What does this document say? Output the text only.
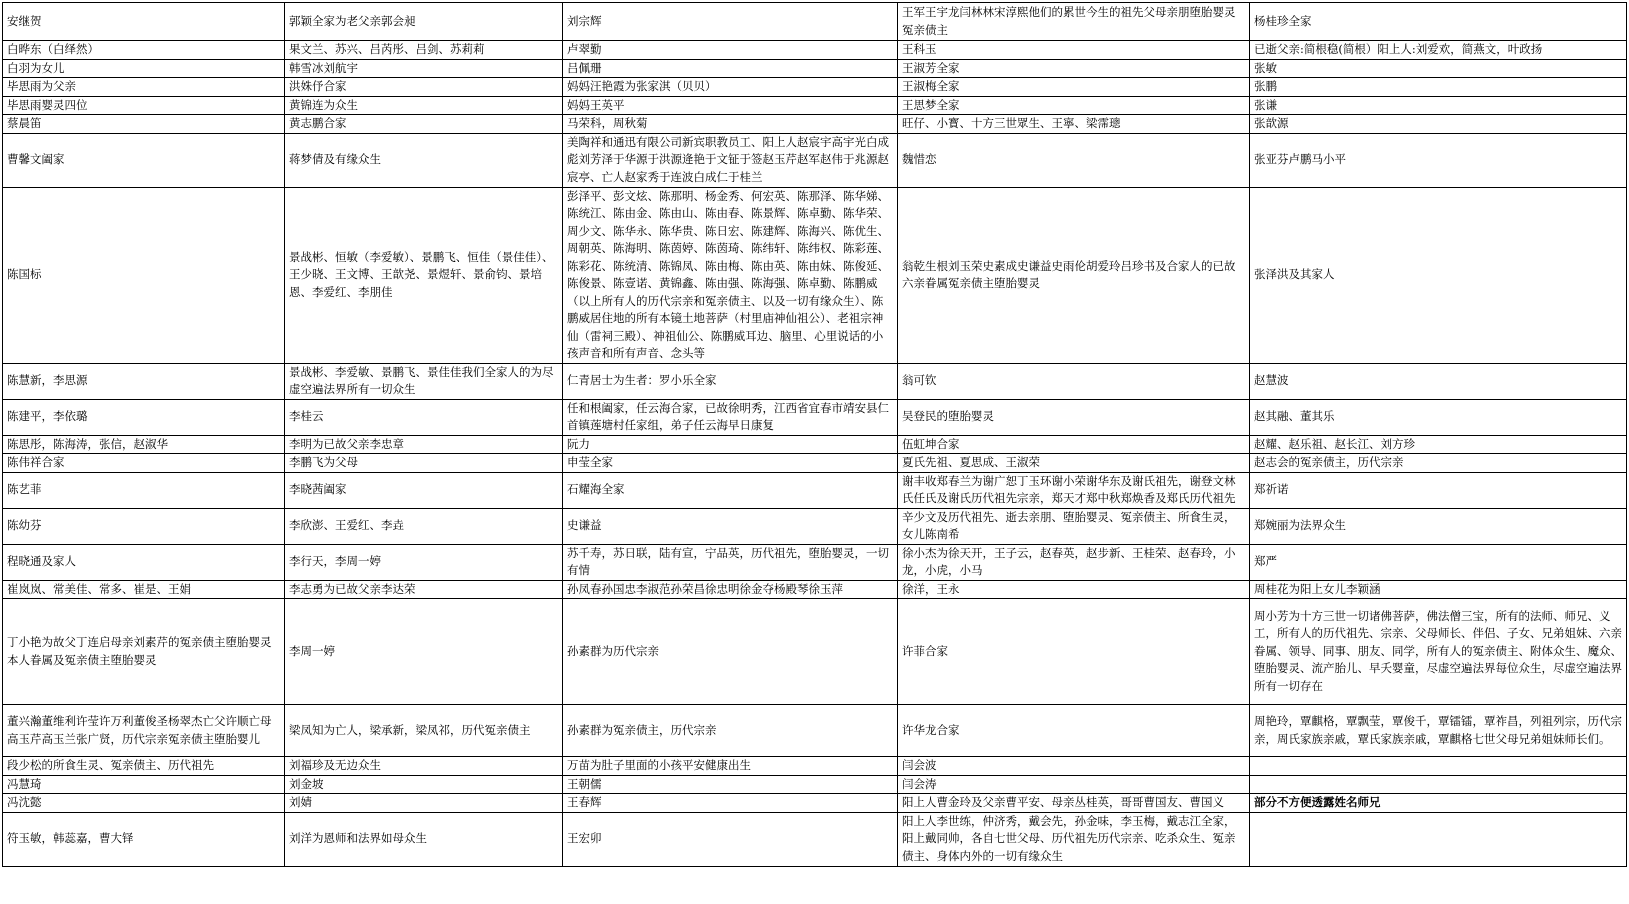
安继贺	郭颖全家为老父亲郭会昶	刘宗辉	王军王宇龙闫林林宋淳熙他们的累世今生的祖先父母亲朋堕胎婴灵冤亲债主	杨桂珍全家
白晔东（白绎然）	果文兰、苏兴、吕芮彤、吕剑、苏莉莉	卢翠勤	王科玉	已逝父亲:简根稳(简根）阳上人:刘爱欢，简燕文，叶政扬
白羽为女儿	韩雪冰刘航宇	吕佩珊	王淑芳全家	张敏
毕思雨为父亲	洪姝伃合家	妈妈汪艳霞为张家淇（贝贝）	王淑梅全家	张鹏
毕思雨婴灵四位	黄锦连为众生	妈妈王英平	王思梦全家	张谦
蔡晨笛	黄志鹏合家	马荣科，周秋菊	旺仔、小寳、十方三世眾生、王寧、梁霈璁	张歆源
曹馨文阖家	蒋梦倩及有缘众生	美陶祥和通迅有限公司新宾职教员工、阳上人赵宸宇高宇光白成彪刘芳泽于华源于洪源逄艳于文钲于签赵玉芹赵军赵伟于兆源赵宸亭、亡人赵家秀于连波白成仁于桂兰	魏惜恋	张亚芬卢鹏马小平
陈国标	景战彬、恒敏（李爱敏）、景鹏飞、恒佳（景佳佳）、王少晓、王文博、王歆尧、景煜轩、景俞钧、景培恩、李爱红、李朋佳	彭泽平、彭文炫、陈那明、杨金秀、何宏英、陈那泽、陈华娣、陈统江、陈由金、陈由山、陈由春、陈景辉、陈卓勤、陈华荣、周少文、陈华永、陈华贵、陈日宏、陈建辉、陈海兴、陈优生、周朝英、陈海明、陈茵婷、陈茵琦、陈纬轩、陈纬权、陈彩莲、陈彩花、陈统清、陈锦凤、陈由梅、陈由英、陈由妹、陈俊延、陈俊景、陈壹诺、黄锦鑫、陈由强、陈海强、陈卓勤、陈鹏威（以上所有人的历代宗亲和冤亲债主、以及一切有缘众生）、陈鹏威居住地的所有本镜土地菩萨（村里庙神仙祖公）、老祖宗神仙（雷祠三殿）、神祖仙公、陈鹏威耳边、脑里、心里说话的小孩声音和所有声音、念头等	翁乾生根刘玉荣史素成史谦益史雨伦胡爱玲吕珍书及合家人的已故六亲眷属冤亲债主堕胎婴灵	张泽洪及其家人
陈慧新，李思源	景战彬、李爱敏、景鹏飞、景佳佳我们全家人的为尽虚空遍法界所有一切众生	仁青居士为生者：罗小乐全家	翁可钦	赵慧波
陈建平，李依璐	李桂云	任和根阖家，任云海合家，已故徐明秀，江西省宜春市靖安县仁首镇莲塘村任家组，弟子任云海早日康复	吴登民的堕胎婴灵	赵其融、董其乐
陈思彤，陈海涛，张信，赵淑华	李明为已故父亲李忠章	阮力	伍虹坤合家	赵耀、赵乐祖、赵长江、刘方珍
陈伟祥合家	李鹏飞为父母	申莹全家	夏氏先祖、夏思成、王淑荣	赵志会的冤亲债主，历代宗亲
陈艺菲	李晓茜阖家	石耀海全家	谢丰收郑春兰为谢广恕丁玉环谢小荣谢华东及谢氏祖先，谢登文林氏任氏及谢氏历代祖先宗亲，郑天才郑中秋郑焕香及郑氏历代祖先	郑祈诺
陈幼芬	李欣澎、王爱红、李垚	史谦益	辛少文及历代祖先、逝去亲朋、堕胎婴灵、冤亲债主、所食生灵，女儿陈南希	郑婉丽为法界众生
程晓通及家人	李行天，李周一婷	苏千寿，苏日联，陆有宣，宁品英，历代祖先，堕胎婴灵，一切有情	徐小杰为徐天开，王子云，赵春英，赵步新、王桂荣、赵春玲，小龙，小虎，小马	郑严
崔岚岚、常美佳、常多、崔是、王娟	李志勇为已故父亲李达荣	孙凤春孙国忠李淑范孙荣昌徐忠明徐金夺杨殿琴徐玉萍	徐洋，王永	周桂花为阳上女儿李颖涵
丁小艳为故父丁连启母亲刘素芹的冤亲债主堕胎婴灵本人眷属及冤亲债主堕胎婴灵	李周一婷	孙素群为历代宗亲	许菲合家	周小芳为十方三世一切诸佛菩萨，佛法僧三宝，所有的法师、师兄、义工，所有人的历代祖先、宗亲、父母师长、伴侣、子女、兄弟姐妹、六亲眷属、领导、同事、朋友、同学，所有人的冤亲债主、附体众生、魔众、堕胎婴灵、流产胎儿、早夭婴童，尽虚空遍法界每位众生，尽虚空遍法界所有一切存在
董兴瀚董维利许莹许万利董俊圣杨翠杰亡父许顺亡母高玉芹高玉兰张广贤，历代宗亲冤亲债主堕胎婴儿	梁凤知为亡人，梁承新，梁凤祁，历代冤亲债主	孙素群为冤亲债主，历代宗亲	许华龙合家	周艳玲，覃麒格，覃飘莹，覃俊千，覃镭镭，覃祚昌，列祖列宗，历代宗亲，周氏家族亲戚，覃氏家族亲戚，覃麒格七世父母兄弟姐妹师长们。
段少松的所食生灵、冤亲债主、历代祖先	刘福珍及无边众生	万苗为肚子里面的小孩平安健康出生	闫会波	
冯慧琦	刘金坡	王朝儒	闫会涛	
冯沈懿	刘婧	王春辉	阳上人曹金玲及父亲曹平安、母亲丛桂英，哥哥曹国友、曹国义	部分不方便透露姓名师兄
符玉敏，韩蕊嘉，曹大铎	刘洋为恩师和法界如母众生	王宏卯	阳上人李世练，仲济秀，戴会先，孙金味，李玉梅，戴志江全家，阳上戴同帅，各自七世父母、历代祖先历代宗亲、吃杀众生、冤亲债主、身体内外的一切有缘众生	
